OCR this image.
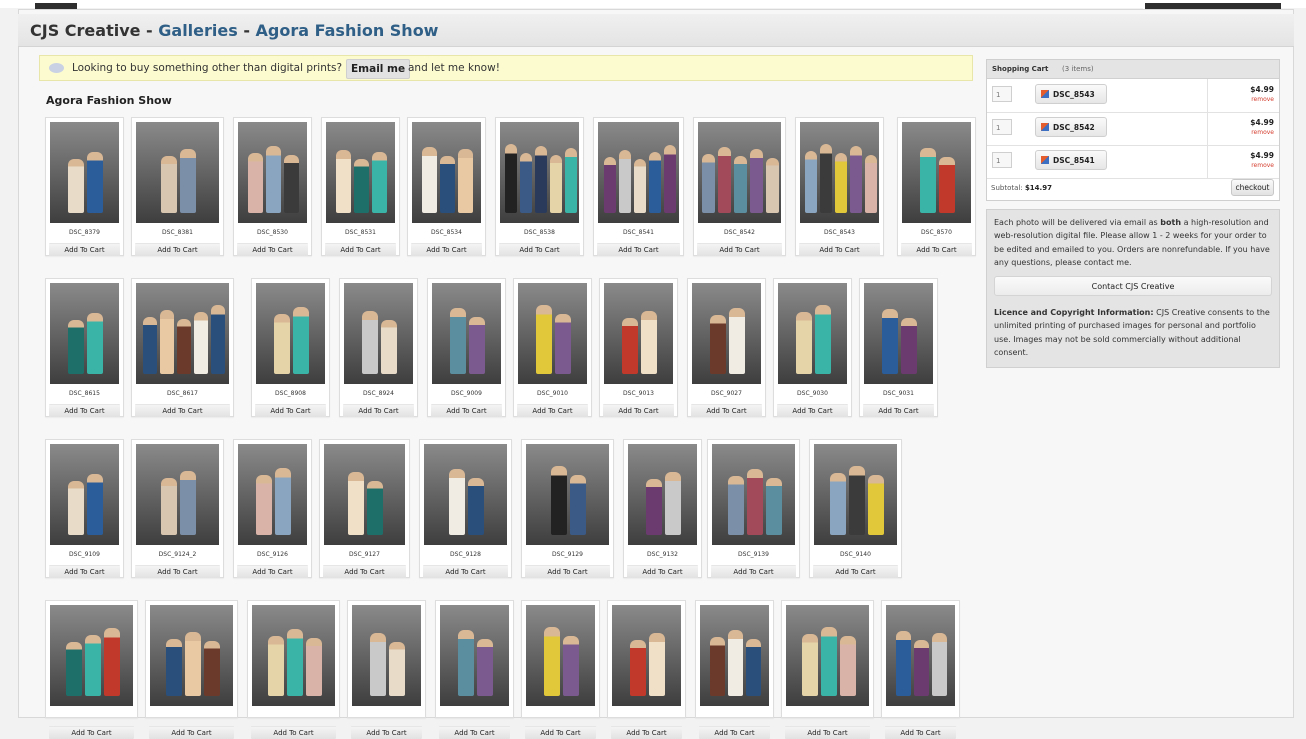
CJS Creative - Galleries - Agora Fashion Show
Looking to buy something other than digital prints? Email me and let me know!
Agora Fashion Show
DSC_8379
Add To Cart
DSC_8381
Add To Cart
DSC_8530
Add To Cart
DSC_8531
Add To Cart
DSC_8534
Add To Cart
DSC_8538
Add To Cart
DSC_8541
Add To Cart
DSC_8542
Add To Cart
DSC_8543
Add To Cart
DSC_8570
Add To Cart
DSC_8615
Add To Cart
DSC_8617
Add To Cart
DSC_8908
Add To Cart
DSC_8924
Add To Cart
DSC_9009
Add To Cart
DSC_9010
Add To Cart
DSC_9013
Add To Cart
DSC_9027
Add To Cart
DSC_9030
Add To Cart
DSC_9031
Add To Cart
DSC_9109
Add To Cart
DSC_9124_2
Add To Cart
DSC_9126
Add To Cart
DSC_9127
Add To Cart
DSC_9128
Add To Cart
DSC_9129
Add To Cart
DSC_9132
Add To Cart
DSC_9139
Add To Cart
DSC_9140
Add To Cart
Add To Cart	Add To Cart	Add To Cart	Add To Cart	Add To Cart	Add To Cart	Add To Cart	Add To Cart	Add To Cart	Add To Cart
Shopping Cart (3 items)
1	DSC_8543
$4.99
remove
1	DSC_8542
$4.99
remove
1	DSC_8541
$4.99
remove
Subtotal: $14.97	checkout
Each photo will be delivered via email as both a high-resolution and web-resolution digital file. Please allow 1 - 2 weeks for your order to be edited and emailed to you. Orders are nonrefundable. If you have any questions, please contact me.
Contact CJS Creative
Licence and Copyright Information: CJS Creative consents to the unlimited printing of purchased images for personal and portfolio use. Images may not be sold commercially without additional consent.
